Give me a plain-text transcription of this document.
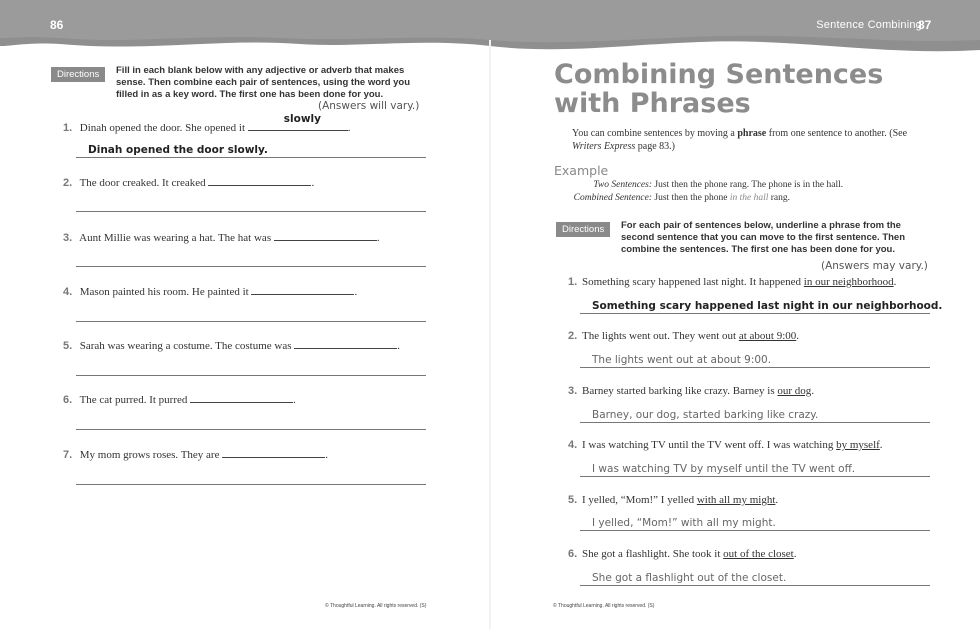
86	Sentence Combining
87
Directions	Fill in each blank below with any adjective or adverb that makes sense. Then combine each pair of sentences, using the word you filled in as a key word. The first one has been done for you.
(Answers will vary.)
1. Dinah opened the door. She opened it
slowly
.
Dinah opened the door slowly.
2. The door creaked. It creaked	.
3. Aunt Millie was wearing a hat. The hat was	.
4. Mason painted his room. He painted it	.
5. Sarah was wearing a costume. The costume was	.
6. The cat purred. It purred	.
7. My mom grows roses. They are	.
© Thoughtful Learning. All rights reserved. (S)
Combining Sentences
with Phrases
You can combine sentences by moving a phrase from one sentence to another. (See Writers Express page 83.)
Example
Two Sentences: Just then the phone rang. The phone is in the hall.
Combined Sentence: Just then the phone in the hall rang.
Directions	For each pair of sentences below, underline a phrase from the second sentence that you can move to the first sentence. Then combine the sentences. The first one has been done for you.
(Answers may vary.)
1. Something scary happened last night. It happened in our neighborhood.
Something scary happened last night in our neighborhood.
2. The lights went out. They went out at about 9:00.
The lights went out at about 9:00.
3. Barney started barking like crazy. Barney is our dog.
Barney, our dog, started barking like crazy.
4. I was watching TV until the TV went off. I was watching by myself.
I was watching TV by myself until the TV went off.
5. I yelled, “Mom!” I yelled with all my might.
I yelled, “Mom!” with all my might.
6. She got a flashlight. She took it out of the closet.
She got a flashlight out of the closet.
© Thoughtful Learning. All rights reserved. (S)
